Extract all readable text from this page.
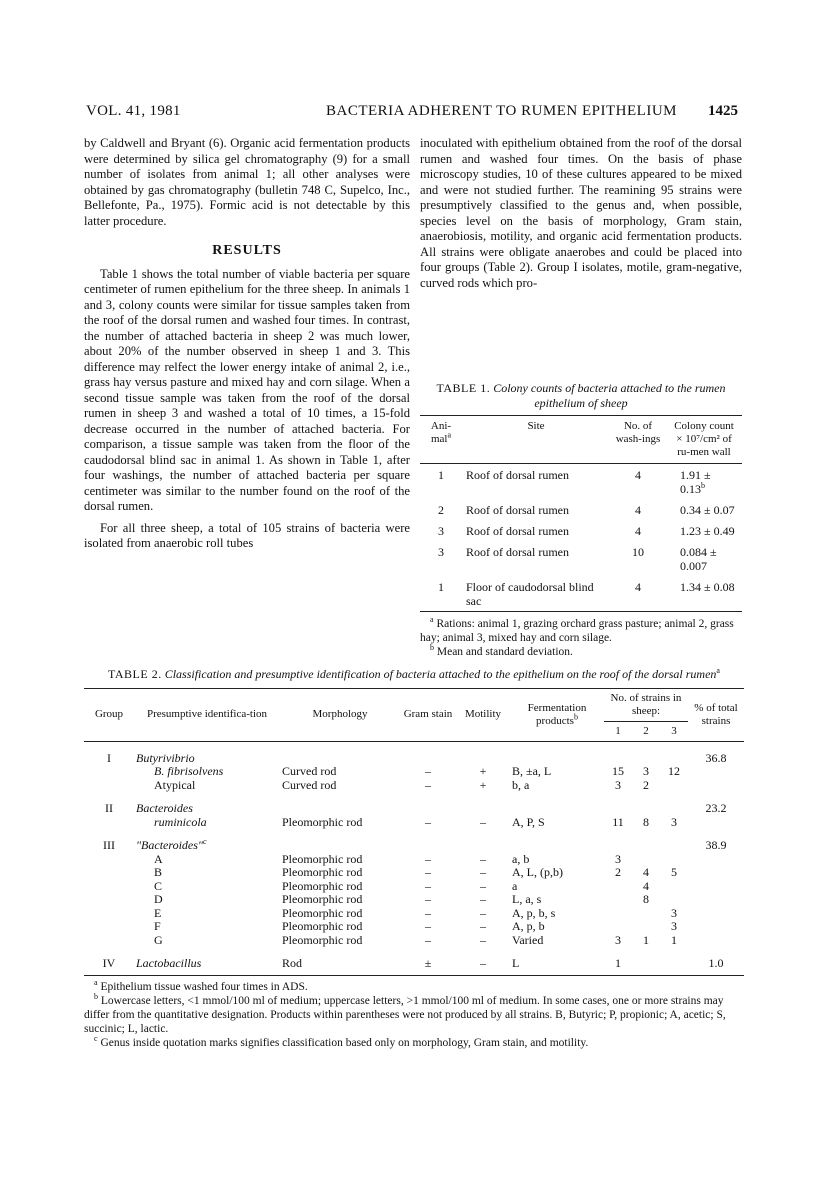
VOL. 41, 1981	BACTERIA ADHERENT TO RUMEN EPITHELIUM 1425

by Caldwell and Bryant (6). Organic acid fermentation products were determined by silica gel chromatography (9) for a small number of isolates from animal 1; all other analyses were obtained by gas chromatography (bulletin 748 C, Supelco, Inc., Bellefonte, Pa., 1975). Formic acid is not detectable by this latter procedure.

RESULTS

Table 1 shows the total number of viable bacteria per square centimeter of rumen epithelium for the three sheep. In animals 1 and 3, colony counts were similar for tissue samples taken from the roof of the dorsal rumen and washed four times. In contrast, the number of attached bacteria in sheep 2 was much lower, about 20% of the number observed in sheep 1 and 3. This difference may relfect the lower energy intake of animal 2, i.e., grass hay versus pasture and mixed hay and corn silage. When a second tissue sample was taken from the roof of the dorsal rumen in sheep 3 and washed a total of 10 times, a 15-fold decrease occurred in the number of attached bacteria. For comparison, a tissue sample was taken from the floor of the caudodorsal blind sac in animal 1. As shown in Table 1, after four washings, the number of attached bacteria per square centimeter was similar to the number found on the roof of the dorsal rumen.

For all three sheep, a total of 105 strains of bacteria were isolated from anaerobic roll tubes

inoculated with epithelium obtained from the roof of the dorsal rumen and washed four times. On the basis of phase microscopy studies, 10 of these cultures appeared to be mixed and were not studied further. The reamining 95 strains were presumptively classified to the genus and, when possible, species level on the basis of morphology, Gram stain, anaerobiosis, motility, and organic acid fermentation products. All strains were obligate anaerobes and could be placed into four groups (Table 2). Group I isolates, motile, gram-negative, curved rods which pro-

TABLE 1. Colony counts of bacteria attached to the rumen epithelium of sheep
Ani-mal$^a$	Site	No. of wash-ings	Colony count × 10⁷/cm² of ru-men wall
1	Roof of dorsal rumen	4	1.91 ± 0.13$^b$
2	Roof of dorsal rumen	4	0.34 ± 0.07
3	Roof of dorsal rumen	4	1.23 ± 0.49
3	Roof of dorsal rumen	10	0.084 ± 0.007
1	Floor of caudodorsal blind sac	4	1.34 ± 0.08
$^a$ Rations: animal 1, grazing orchard grass pasture; animal 2, grass hay; animal 3, mixed hay and corn silage.
$^b$ Mean and standard deviation.
TABLE 2. Classification and presumptive identification of bacteria attached to the epithelium on the roof of the dorsal rumen$^a$
Group	Presumptive identifica-tion	Morphology	Gram stain	Motility	Fermentation products$^b$	No. of strains in sheep:			% of total strains
						1	2	3	
I	Butyrivibrio								36.8
	B. fibrisolvens	Curved rod	–	+	B, ±a, L	15	3	12	
	Atypical	Curved rod	–	+	b, a	3	2		
II	Bacteroides								23.2
	ruminicola	Pleomorphic rod	–	–	A, P, S	11	8	3	
III	"Bacteroides"$^c$								38.9
	A	Pleomorphic rod	–	–	a, b	3			
	B	Pleomorphic rod	–	–	A, L, (p,b)	2	4	5	
	C	Pleomorphic rod	–	–	a		4		
	D	Pleomorphic rod	–	–	L, a, s		8		
	E	Pleomorphic rod	–	–	A, p, b, s			3	
	F	Pleomorphic rod	–	–	A, p, b			3	
	G	Pleomorphic rod	–	–	Varied	3	1	1	
IV	Lactobacillus	Rod	±	–	L	1			1.0

$^a$ Epithelium tissue washed four times in ADS.

$^b$ Lowercase letters, <1 mmol/100 ml of medium; uppercase letters, >1 mmol/100 ml of medium. In some cases, one or more strains may differ from the quantitative designation. Products within parentheses were not produced by all strains. B, Butyric; P, propionic; A, acetic; S, succinic; L, lactic.

$^c$ Genus inside quotation marks signifies classification based only on morphology, Gram stain, and motility.
